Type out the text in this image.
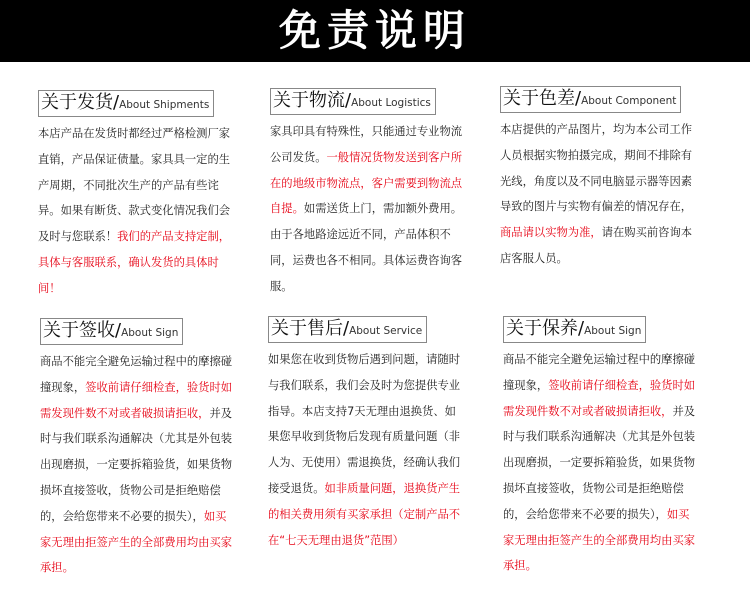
免责说明
关于发货/About Shipments
本店产品在发货时都经过严格检测厂家直销，产品保证债量。家具具一定的生产周期，不同批次生产的产品有些诧异。如果有断货、款式变化情况我们会及时与您联系！我们的产品支持定制，具体与客服联系，确认发货的具体时间！
关于物流/About Logistics
家具印具有特殊性，只能通过专业物流公司发货。一般情况货物发送到客户所在的地级市物流点，客户需要到物流点自提。如需送货上门，需加额外费用。由于各地路途远近不同，产品体积不同，运费也各不相同。具体运费咨询客服。
关于色差/About Component
本店提供的产品图片，均为本公司工作人员根据实物拍摄完成，期间不排除有光线，角度以及不同电脑显示器等因素导致的图片与实物有偏差的情况存在，商品请以实物为准，请在购买前咨询本店客服人员。
关于签收/About Sign
商品不能完全避免运输过程中的摩擦碰撞现象，签收前请仔细检查，验货时如需发现件数不对或者破损请拒收，并及时与我们联系沟通解决（尤其是外包装出现磨损，一定要拆箱验货，如果货物损坏直接签收，货物公司是拒绝赔偿的，会给您带来不必要的损失），如买家无理由拒签产生的全部费用均由买家承担。
关于售后/About Service
如果您在收到货物后遇到问题，请随时与我们联系，我们会及时为您提供专业指导。本店支持7天无理由退换货、如果您早收到货物后发现有质量问题（非人为、无使用）需退换货，经确认我们接受退货。如非质量问题，退换货产生的相关费用须有买家承担（定制产品不在“七天无理由退货”范围）
关于保养/About Sign
商品不能完全避免运输过程中的摩擦碰撞现象，签收前请仔细检查，验货时如需发现件数不对或者破损请拒收，并及时与我们联系沟通解决（尤其是外包装出现磨损，一定要拆箱验货，如果货物损坏直接签收，货物公司是拒绝赔偿的，会给您带来不必要的损失），如买家无理由拒签产生的全部费用均由买家承担。
